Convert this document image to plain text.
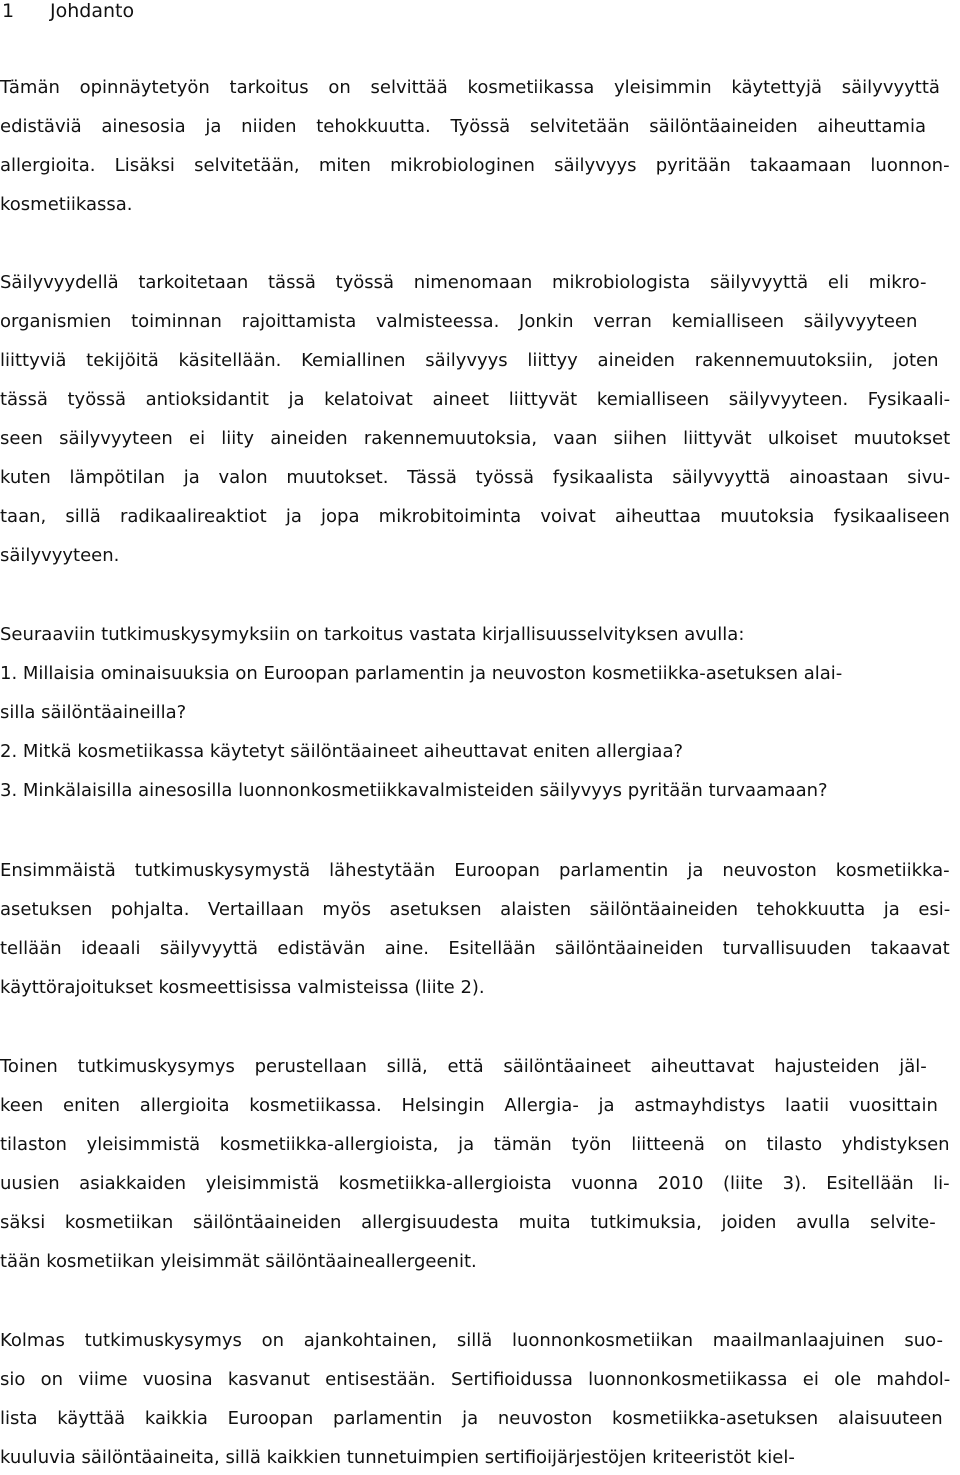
1 Johdanto
Tämän opinnäytetyön tarkoitus on selvittää kosmetiikassa yleisimmin käytettyjä säilyvyyttä
edistäviä ainesosia ja niiden tehokkuutta. Työssä selvitetään säilöntäaineiden aiheuttamia
allergioita. Lisäksi selvitetään, miten mikrobiologinen säilyvyys pyritään takaamaan luonnon-
kosmetiikassa.
Säilyvyydellä tarkoitetaan tässä työssä nimenomaan mikrobiologista säilyvyyttä eli mikro-
organismien toiminnan rajoittamista valmisteessa. Jonkin verran kemialliseen säilyvyyteen
liittyviä tekijöitä käsitellään. Kemiallinen säilyvyys liittyy aineiden rakennemuutoksiin, joten
tässä työssä antioksidantit ja kelatoivat aineet liittyvät kemialliseen säilyvyyteen. Fysikaali-
seen säilyvyyteen ei liity aineiden rakennemuutoksia, vaan siihen liittyvät ulkoiset muutokset
kuten lämpötilan ja valon muutokset. Tässä työssä fysikaalista säilyvyyttä ainoastaan sivu-
taan, sillä radikaalireaktiot ja jopa mikrobitoiminta voivat aiheuttaa muutoksia fysikaaliseen
säilyvyyteen.
Seuraaviin tutkimuskysymyksiin on tarkoitus vastata kirjallisuusselvityksen avulla:
1. Millaisia ominaisuuksia on Euroopan parlamentin ja neuvoston kosmetiikka-asetuksen alai-
silla säilöntäaineilla?
2. Mitkä kosmetiikassa käytetyt säilöntäaineet aiheuttavat eniten allergiaa?
3. Minkälaisilla ainesosilla luonnonkosmetiikkavalmisteiden säilyvyys pyritään turvaamaan?
Ensimmäistä tutkimuskysymystä lähestytään Euroopan parlamentin ja neuvoston kosmetiikka-
asetuksen pohjalta. Vertaillaan myös asetuksen alaisten säilöntäaineiden tehokkuutta ja esi-
tellään ideaali säilyvyyttä edistävän aine. Esitellään säilöntäaineiden turvallisuuden takaavat
käyttörajoitukset kosmeettisissa valmisteissa (liite 2).
Toinen tutkimuskysymys perustellaan sillä, että säilöntäaineet aiheuttavat hajusteiden jäl-
keen eniten allergioita kosmetiikassa. Helsingin Allergia- ja astmayhdistys laatii vuosittain
tilaston yleisimmistä kosmetiikka-allergioista, ja tämän työn liitteenä on tilasto yhdistyksen
uusien asiakkaiden yleisimmistä kosmetiikka-allergioista vuonna 2010 (liite 3). Esitellään li-
säksi kosmetiikan säilöntäaineiden allergisuudesta muita tutkimuksia, joiden avulla selvite-
tään kosmetiikan yleisimmät säilöntäaineallergeenit.
Kolmas tutkimuskysymys on ajankohtainen, sillä luonnonkosmetiikan maailmanlaajuinen suo-
sio on viime vuosina kasvanut entisestään. Sertifioidussa luonnonkosmetiikassa ei ole mahdol-
lista käyttää kaikkia Euroopan parlamentin ja neuvoston kosmetiikka-asetuksen alaisuuteen
kuuluvia säilöntäaineita, sillä kaikkien tunnetuimpien sertifioijärjestöjen kriteeristöt kiel-
